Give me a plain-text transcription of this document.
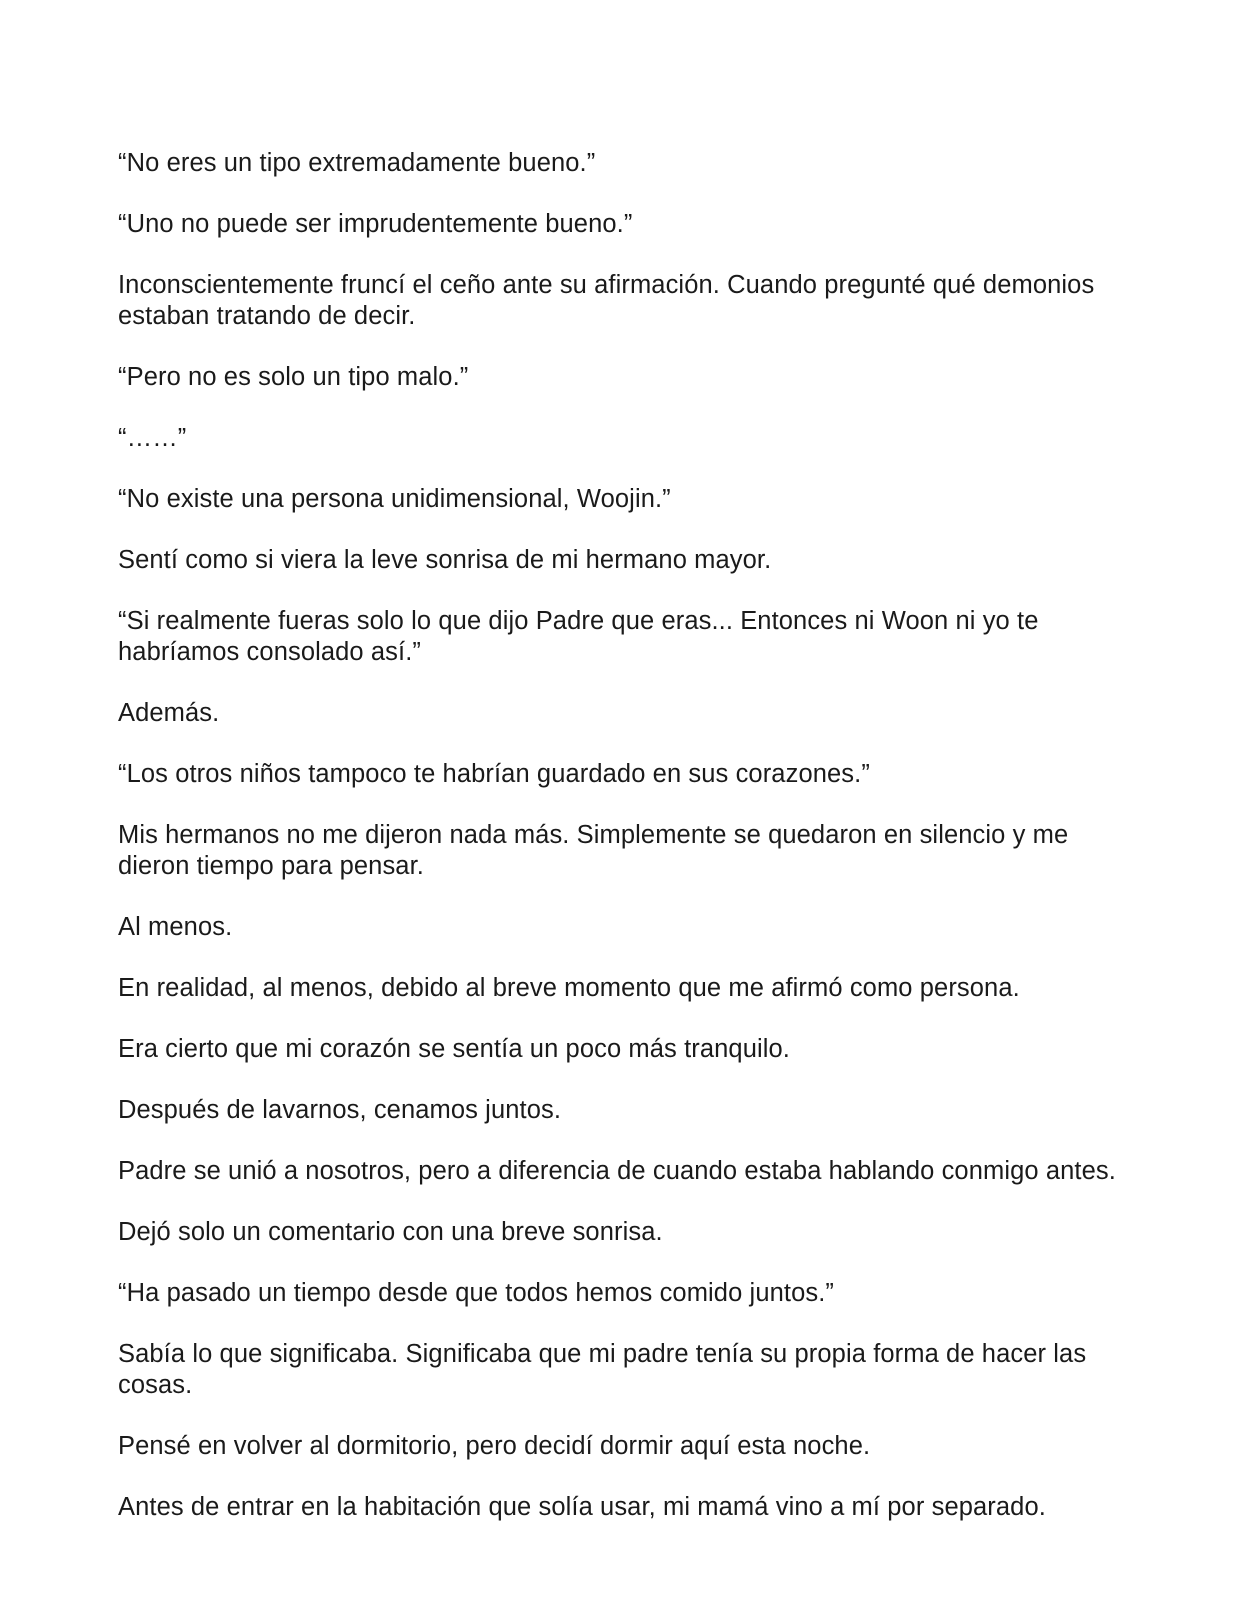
“No eres un tipo extremadamente bueno.”

“Uno no puede ser imprudentemente bueno.”

Inconscientemente fruncí el ceño ante su afirmación. Cuando pregunté qué demonios estaban tratando de decir.

“Pero no es solo un tipo malo.”

“……”

“No existe una persona unidimensional, Woojin.”

Sentí como si viera la leve sonrisa de mi hermano mayor.

“Si realmente fueras solo lo que dijo Padre que eras... Entonces ni Woon ni yo te habríamos consolado así.”

Además.

“Los otros niños tampoco te habrían guardado en sus corazones.”

Mis hermanos no me dijeron nada más. Simplemente se quedaron en silencio y me dieron tiempo para pensar.

Al menos.

En realidad, al menos, debido al breve momento que me afirmó como persona.

Era cierto que mi corazón se sentía un poco más tranquilo.

Después de lavarnos, cenamos juntos.

Padre se unió a nosotros, pero a diferencia de cuando estaba hablando conmigo antes.

Dejó solo un comentario con una breve sonrisa.

“Ha pasado un tiempo desde que todos hemos comido juntos.”

Sabía lo que significaba. Significaba que mi padre tenía su propia forma de hacer las cosas.

Pensé en volver al dormitorio, pero decidí dormir aquí esta noche.

Antes de entrar en la habitación que solía usar, mi mamá vino a mí por separado.
